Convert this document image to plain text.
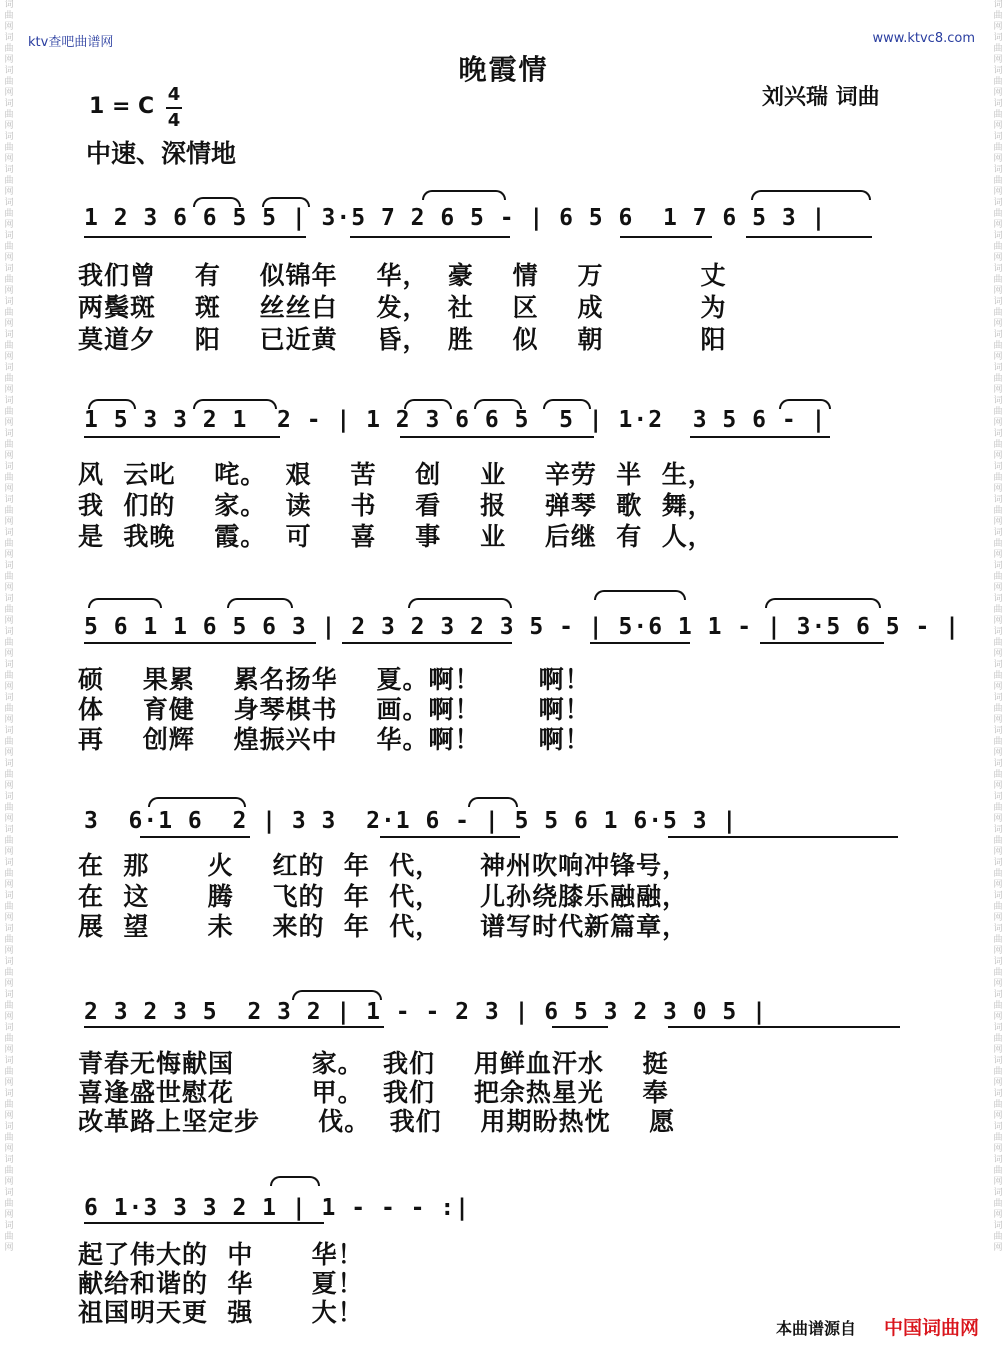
词曲网词曲网词曲网词曲网词曲网词曲网词曲网词曲网词曲网词曲网词曲网词曲网词曲网词曲网词曲网词曲网词曲网词曲网词曲网词曲网词曲网词曲网词曲网词曲网词曲网词曲网词曲网词曲网词曲网词曲网词曲网词曲网词曲网词曲网词曲网词曲网词曲网词曲网
词曲网词曲网词曲网词曲网词曲网词曲网词曲网词曲网词曲网词曲网词曲网词曲网词曲网词曲网词曲网词曲网词曲网词曲网词曲网词曲网词曲网词曲网词曲网词曲网词曲网词曲网词曲网词曲网词曲网词曲网词曲网词曲网词曲网词曲网词曲网词曲网词曲网词曲网
ktv查吧曲谱网	www.ktvc8.com
晚霞情
刘兴瑞 词曲
1 = C 4
4
中速、深情地
1 2 3 6 6 5 5 | 3·5 7 2 6 5 - | 6 5 6  1 7 6 5 3 |
我们曾    有    似锦年    华，  豪    情    万          丈
两鬓斑    斑    丝丝白    发，  社    区    成          为
莫道夕    阳    已近黄    昏，  胜    似    朝          阳
1 5 3 3 2 1  2 - | 1 2 3 6 6 5  5 | 1·2  3 5 6 - |
风  云叱    咤。  艰    苦    创    业    辛劳  半  生，
我  们的    家。  读    书    看    报    弹琴  歌  舞，
是  我晚    霞。  可    喜    事    业    后继  有  人，
5 6 1 1 6 5 6 3 | 2 3 2 3 2 3 5 - | 5·6 1 1 - | 3·5 6 5 - |
硕    果累    累名扬华    夏。啊！      啊！
体    育健    身琴棋书    画。啊！      啊！
再    创辉    煌振兴中    华。啊！      啊！
3  6·1 6  2 | 3 3  2·1 6 - | 5 5 6 1 6·5 3 |
在  那      火    红的  年  代，    神州吹响冲锋号，
在  这      腾    飞的  年  代，    儿孙绕膝乐融融，
展  望      未    来的  年  代，    谱写时代新篇章，
2 3 2 3 5  2 3 2 | 1 - - 2 3 | 6 5 3 2 3 0 5 |
青春无悔献国        家。  我们    用鲜血汗水    挺
喜逢盛世慰花        甲。  我们    把余热星光    奉
改革路上坚定步      伐。  我们    用期盼热忱    愿
6 1·3 3 3 2 1 | 1 - - - :|
起了伟大的  中      华！
献给和谐的  华      夏！
祖国明天更  强      大！
本曲谱源自 中国词曲网
